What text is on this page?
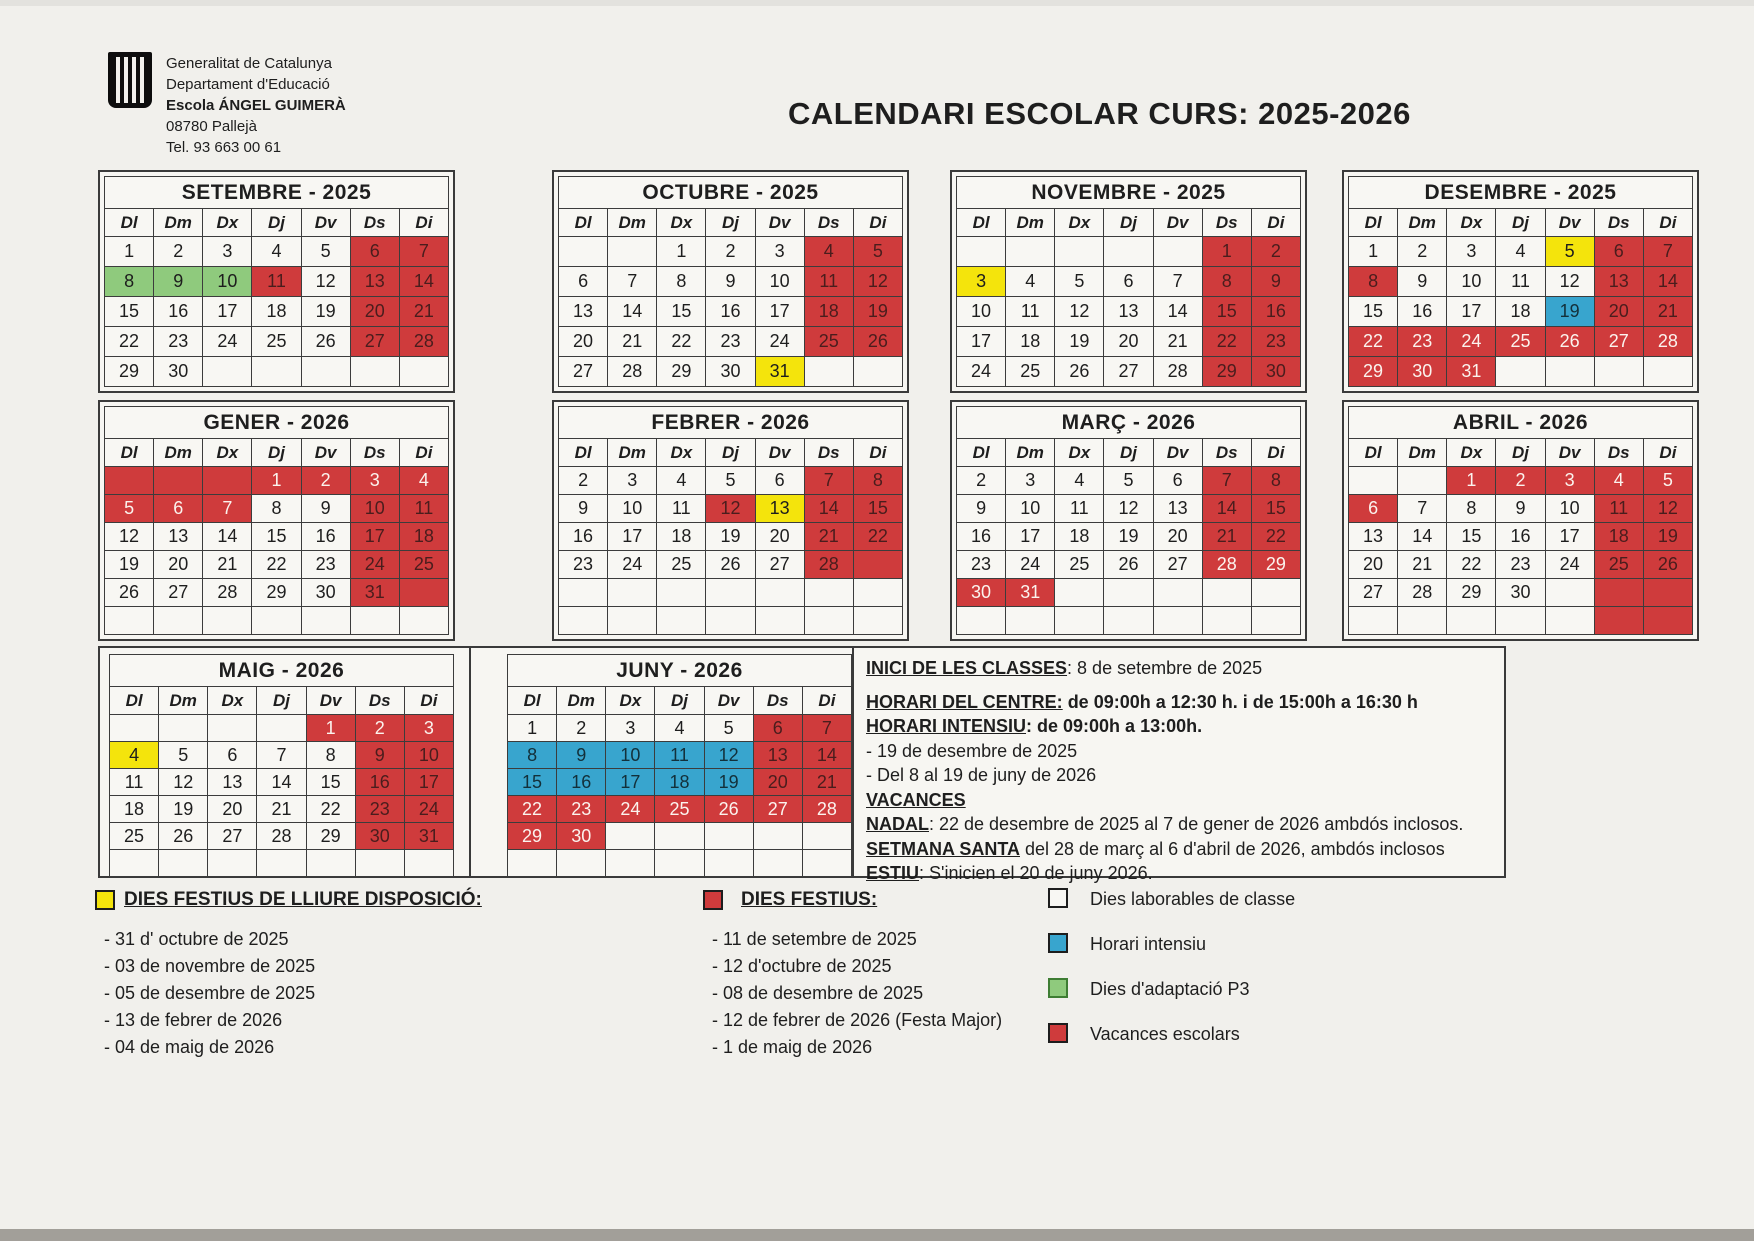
Generalitat de Catalunya
Departament d'Educació
Escola ÁNGEL GUIMERÀ
08780 Pallejà
Tel. 93 663 00 61
CALENDARI ESCOLAR CURS: 2025-2026
SETEMBRE - 2025						
Dl	Dm	Dx	Dj	Dv	Ds	Di
1	2	3	4	5	6	7
8	9	10	11	12	13	14
15	16	17	18	19	20	21
22	23	24	25	26	27	28
29	30					
OCTUBRE - 2025						
Dl	Dm	Dx	Dj	Dv	Ds	Di
		1	2	3	4	5
6	7	8	9	10	11	12
13	14	15	16	17	18	19
20	21	22	23	24	25	26
27	28	29	30	31		
NOVEMBRE - 2025						
Dl	Dm	Dx	Dj	Dv	Ds	Di
					1	2
3	4	5	6	7	8	9
10	11	12	13	14	15	16
17	18	19	20	21	22	23
24	25	26	27	28	29	30
DESEMBRE - 2025						
Dl	Dm	Dx	Dj	Dv	Ds	Di
1	2	3	4	5	6	7
8	9	10	11	12	13	14
15	16	17	18	19	20	21
22	23	24	25	26	27	28
29	30	31				
GENER - 2026						
Dl	Dm	Dx	Dj	Dv	Ds	Di
			1	2	3	4
5	6	7	8	9	10	11
12	13	14	15	16	17	18
19	20	21	22	23	24	25
26	27	28	29	30	31	

FEBRER - 2026						
Dl	Dm	Dx	Dj	Dv	Ds	Di
2	3	4	5	6	7	8
9	10	11	12	13	14	15
16	17	18	19	20	21	22
23	24	25	26	27	28	

MARÇ - 2026						
Dl	Dm	Dx	Dj	Dv	Ds	Di
2	3	4	5	6	7	8
9	10	11	12	13	14	15
16	17	18	19	20	21	22
23	24	25	26	27	28	29
30	31					

ABRIL - 2026						
Dl	Dm	Dx	Dj	Dv	Ds	Di
		1	2	3	4	5
6	7	8	9	10	11	12
13	14	15	16	17	18	19
20	21	22	23	24	25	26
27	28	29	30			

MAIG - 2026						
Dl	Dm	Dx	Dj	Dv	Ds	Di
				1	2	3
4	5	6	7	8	9	10
11	12	13	14	15	16	17
18	19	20	21	22	23	24
25	26	27	28	29	30	31

JUNY - 2026						
Dl	Dm	Dx	Dj	Dv	Ds	Di
1	2	3	4	5	6	7
8	9	10	11	12	13	14
15	16	17	18	19	20	21
22	23	24	25	26	27	28
29	30					

INICI DE LES CLASSES: 8 de setembre de 2025
HORARI DEL CENTRE: de 09:00h a 12:30 h. i de 15:00h a 16:30 h
HORARI INTENSIU: de 09:00h a 13:00h.
- 19 de desembre de 2025
- Del 8 al 19 de juny de 2026
VACANCES
NADAL: 22 de desembre de 2025 al 7 de gener de 2026 ambdós inclosos.
SETMANA SANTA del 28 de març al 6 d'abril de 2026, ambdós inclosos
ESTIU: S'inicien el 20 de juny 2026.
DIES FESTIUS DE LLIURE DISPOSICIÓ:
- 31 d' octubre de 2025
- 03 de novembre de 2025
- 05 de desembre de 2025
- 13 de febrer de 2026
- 04 de maig de 2026
DIES FESTIUS:
- 11 de setembre de 2025
- 12 d'octubre de 2025
- 08 de desembre de 2025
- 12 de febrer de 2026 (Festa Major)
- 1 de maig de 2026
Dies laborables de classe
Horari intensiu
Dies d'adaptació P3
Vacances escolars
